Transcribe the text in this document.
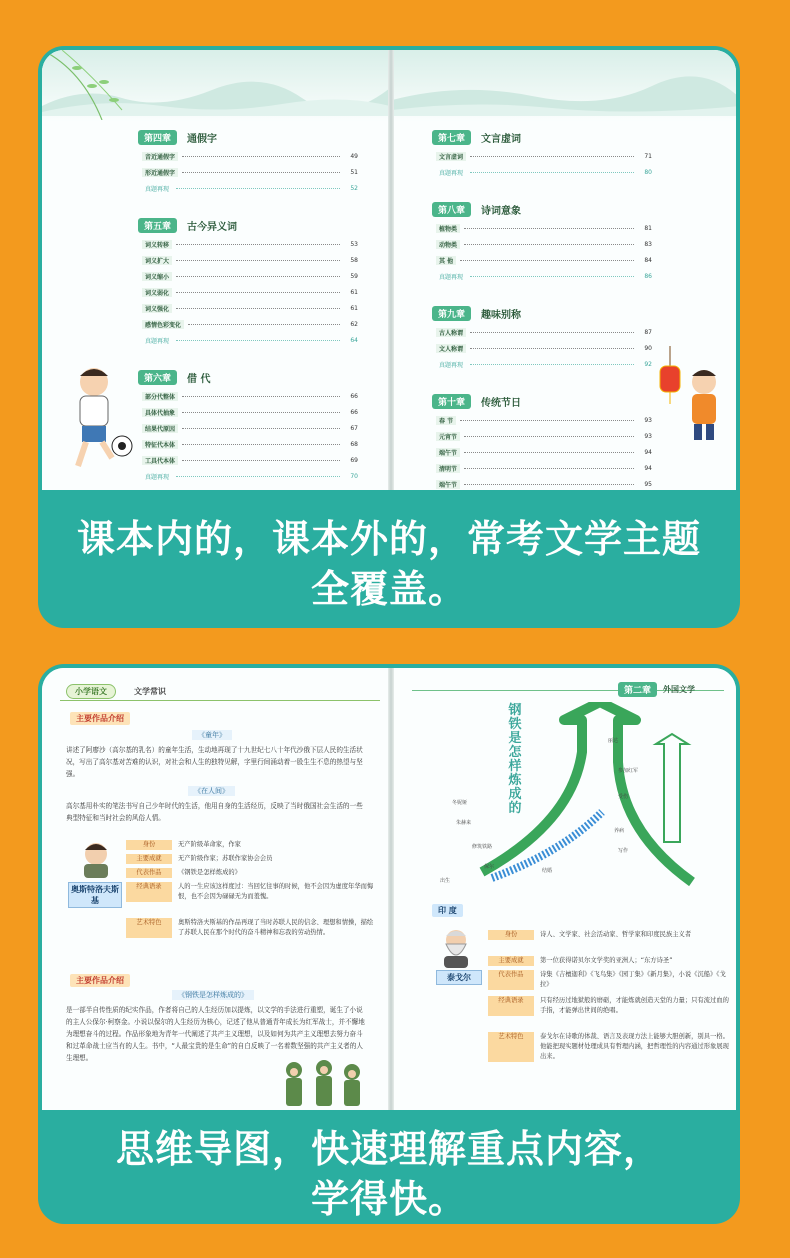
第四章	通假字
音近通假字	49
形近通假字	51
真题再现	52
第五章	古今异义词
词义转移	53
词义扩大	58
词义缩小	59
词义弱化	61
词义强化	61
感情色彩变化	62
真题再现	64
第六章	借 代
部分代整体	66
具体代抽象	66
结果代原因	67
特征代本体	68
工具代本体	69
真题再现	70
第七章	文言虚词
文言虚词	71
真题再现	80
第八章	诗词意象
植物类	81
动物类	83
其 他	84
真题再现	86
第九章	趣味别称
古人称谓	87
文人称谓	90
真题再现	92
第十章	传统节日
春 节	93
元宵节	93
端午节	94
清明节	94
端午节	95
课本内的，课本外的，常考文学主题
全覆盖。
小学语文	文学常识
主要作品介绍
《童年》
讲述了阿廖沙（高尔基的乳名）的童年生活，生动地再现了十九世纪七八十年代沙俄下层人民的生活状况，写出了高尔基对苦难的认识，对社会和人生的独特见解，字里行间涌动着一股生生不息的热望与坚强。
《在人间》
高尔基用朴实的笔法书写自己少年时代的生活，他用自身的生活经历，反映了当时俄国社会生活的一些典型特征和当时社会的风俗人情。
奥斯特洛夫斯基
身份	无产阶级革命家，作家
主要成就	无产阶级作家；苏联作家协会会员
代表作品	《钢铁是怎样炼成的》
经典语录	人的一生应该这样度过：当回忆往事的时候，他不会因为虚度年华而悔恨，也不会因为碌碌无为而羞愧。
艺术特色	奥斯特洛夫斯基的作品再现了当时苏联人民的信念、理想和情操，描绘了苏联人民在那个时代的奋斗精神和忘我的劳动热情。
主要作品介绍
《钢铁是怎样炼成的》
是一部半自传性质的纪实作品，作者将自己的人生经历加以提炼，以文学的手法进行重塑，诞生了小说的主人公保尔·柯察金。小说以保尔的人生经历为核心，记述了他从普通青年成长为红军战士，并不懈地为理想奋斗的过程。作品形象地为青年一代阐述了共产主义理想，以及如何为共产主义理想去努力奋斗和过革命战士应当有的人生。书中，“人最宝贵的是生命”的自白反映了一名着数坚强的共产主义者的人生理想。
第二章	外国文学
钢铁是怎样炼成的
保尔
冬妮娅
朱赫来
修筑铁路
出生
丽达
参加红军
受伤
养病
写作
结婚
印 度
泰戈尔
身份	诗人、文学家、社会活动家、哲学家和印度民族主义者
主要成就	第一位获得诺贝尔文学奖的亚洲人；“东方诗圣”
代表作品	诗集《吉檀迦利》《飞鸟集》《园丁集》《新月集》，小说《沉船》《戈拉》
经典语录	只有经历过地狱般的磨砺，才能炼就创造天堂的力量；只有流过血的手指，才能弹出世间的绝唱。
艺术特色	泰戈尔在诗歌的体裁、语言及表现方法上能够大胆创新，别具一格。他能把现实题材处理成具有哲理内涵，把哲理性的内容通过形象展现出来。
思维导图，快速理解重点内容，
学得快。
